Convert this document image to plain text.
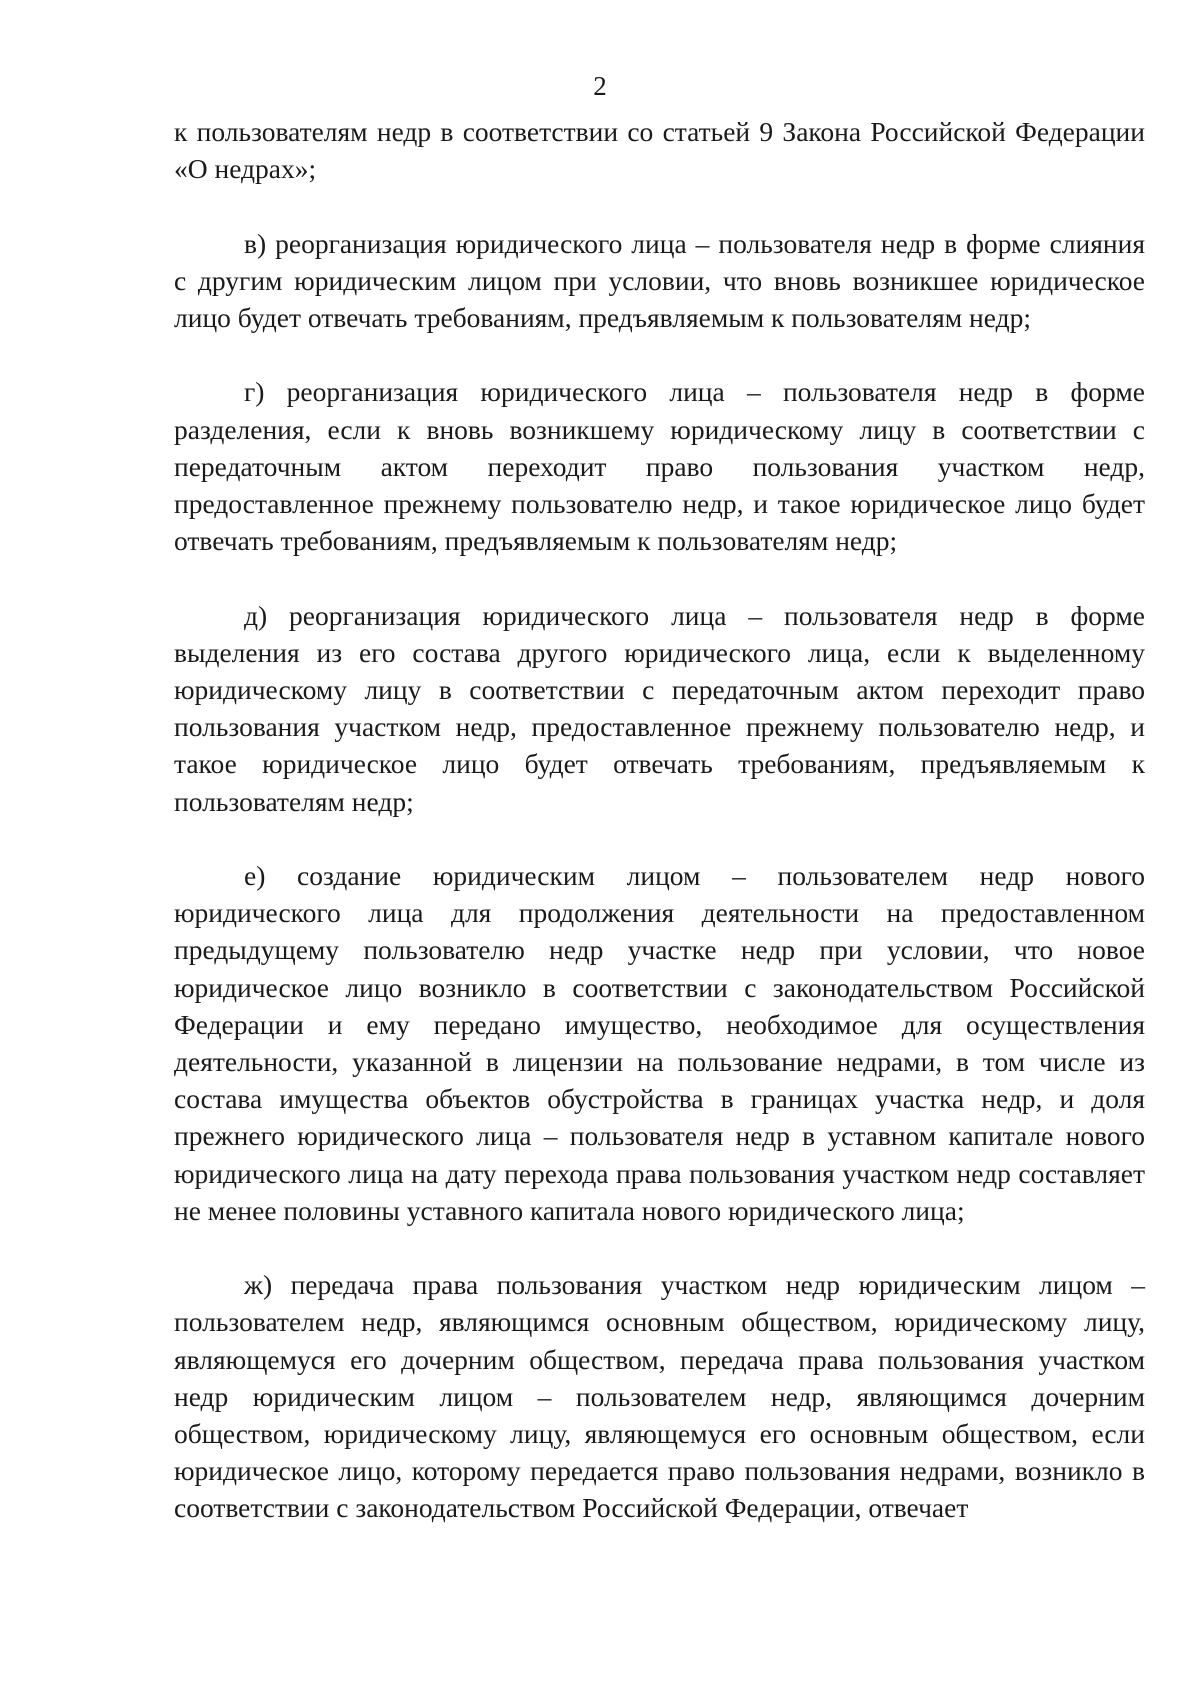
2

к пользователям недр в соответствии со статьей 9 Закона Российской Федерации «О недрах»;

в) реорганизация юридического лица – пользователя недр в форме слияния с другим юридическим лицом при условии, что вновь возникшее юридическое лицо будет отвечать требованиям, предъявляемым к пользователям недр;

г) реорганизация юридического лица – пользователя недр в форме разделения, если к вновь возникшему юридическому лицу в соответствии с передаточным актом переходит право пользования участком недр, предоставленное прежнему пользователю недр, и такое юридическое лицо будет отвечать требованиям, предъявляемым к пользователям недр;

д) реорганизация юридического лица – пользователя недр в форме выделения из его состава другого юридического лица, если к выделенному юридическому лицу в соответствии с передаточным актом переходит право пользования участком недр, предоставленное прежнему пользователю недр, и такое юридическое лицо будет отвечать требованиям, предъявляемым к пользователям недр;

е) создание юридическим лицом – пользователем недр нового юридического лица для продолжения деятельности на предоставленном предыдущему пользователю недр участке недр при условии, что новое юридическое лицо возникло в соответствии с законодательством Российской Федерации и ему передано имущество, необходимое для осуществления деятельности, указанной в лицензии на пользование недрами, в том числе из состава имущества объектов обустройства в границах участка недр, и доля прежнего юридического лица – пользователя недр в уставном капитале нового юридического лица на дату перехода права пользования участком недр составляет не менее половины уставного капитала нового юридического лица;

ж) передача права пользования участком недр юридическим лицом – пользователем недр, являющимся основным обществом, юридическому лицу, являющемуся его дочерним обществом, передача права пользования участком недр юридическим лицом – пользователем недр, являющимся дочерним обществом, юридическому лицу, являющемуся его основным обществом, если юридическое лицо, которому передается право пользования недрами, возникло в соответствии с законодательством Российской Федерации, отвечает
